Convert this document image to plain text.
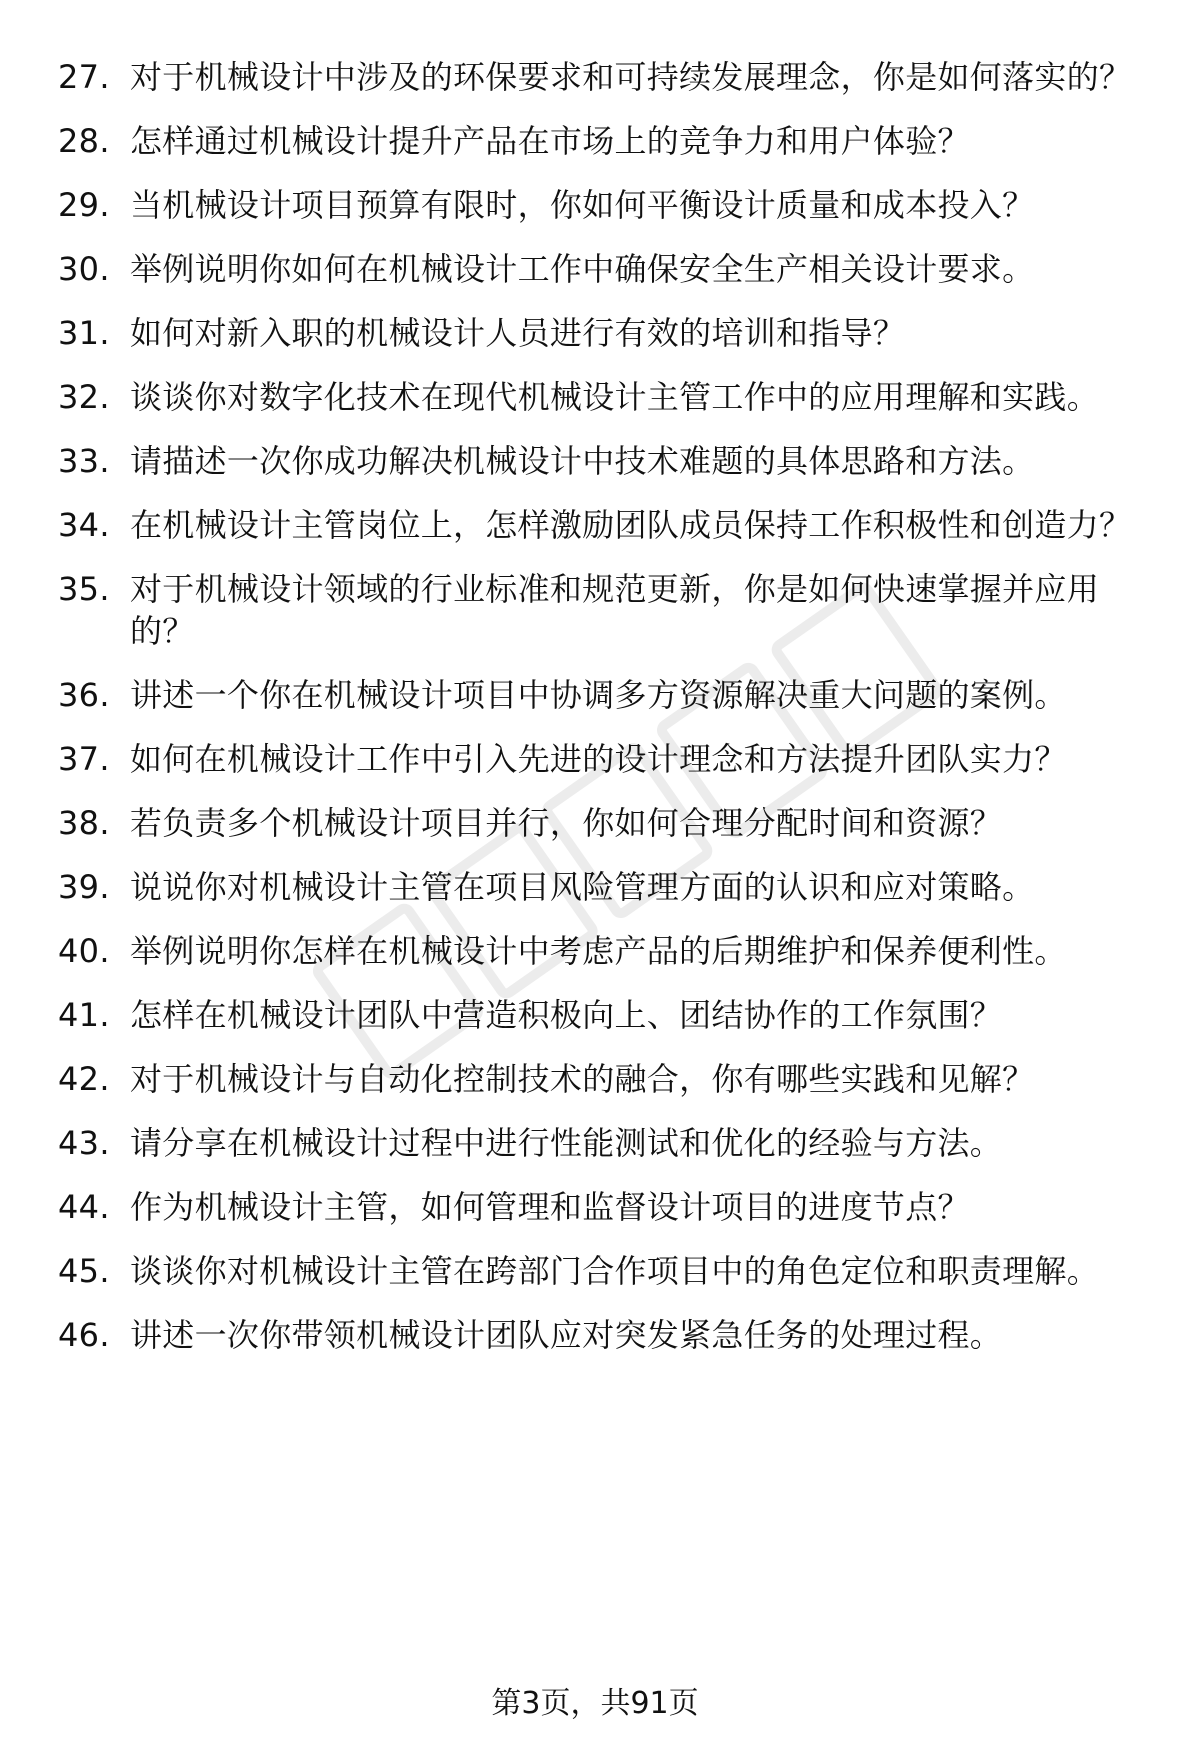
27. 对于机械设计中涉及的环保要求和可持续发展理念，你是如何落实的？
28. 怎样通过机械设计提升产品在市场上的竞争力和用户体验？
29. 当机械设计项目预算有限时，你如何平衡设计质量和成本投入？
30. 举例说明你如何在机械设计工作中确保安全生产相关设计要求。
31. 如何对新入职的机械设计人员进行有效的培训和指导？
32. 谈谈你对数字化技术在现代机械设计主管工作中的应用理解和实践。
33. 请描述一次你成功解决机械设计中技术难题的具体思路和方法。
34. 在机械设计主管岗位上，怎样激励团队成员保持工作积极性和创造力？
35. 对于机械设计领域的行业标准和规范更新，你是如何快速掌握并应用的？
36. 讲述一个你在机械设计项目中协调多方资源解决重大问题的案例。
37. 如何在机械设计工作中引入先进的设计理念和方法提升团队实力？
38. 若负责多个机械设计项目并行，你如何合理分配时间和资源？
39. 说说你对机械设计主管在项目风险管理方面的认识和应对策略。
40. 举例说明你怎样在机械设计中考虑产品的后期维护和保养便利性。
41. 怎样在机械设计团队中营造积极向上、团结协作的工作氛围？
42. 对于机械设计与自动化控制技术的融合，你有哪些实践和见解？
43. 请分享在机械设计过程中进行性能测试和优化的经验与方法。
44. 作为机械设计主管，如何管理和监督设计项目的进度节点？
45. 谈谈你对机械设计主管在跨部门合作项目中的角色定位和职责理解。
46. 讲述一次你带领机械设计团队应对突发紧急任务的处理过程。
第3页，共91页
